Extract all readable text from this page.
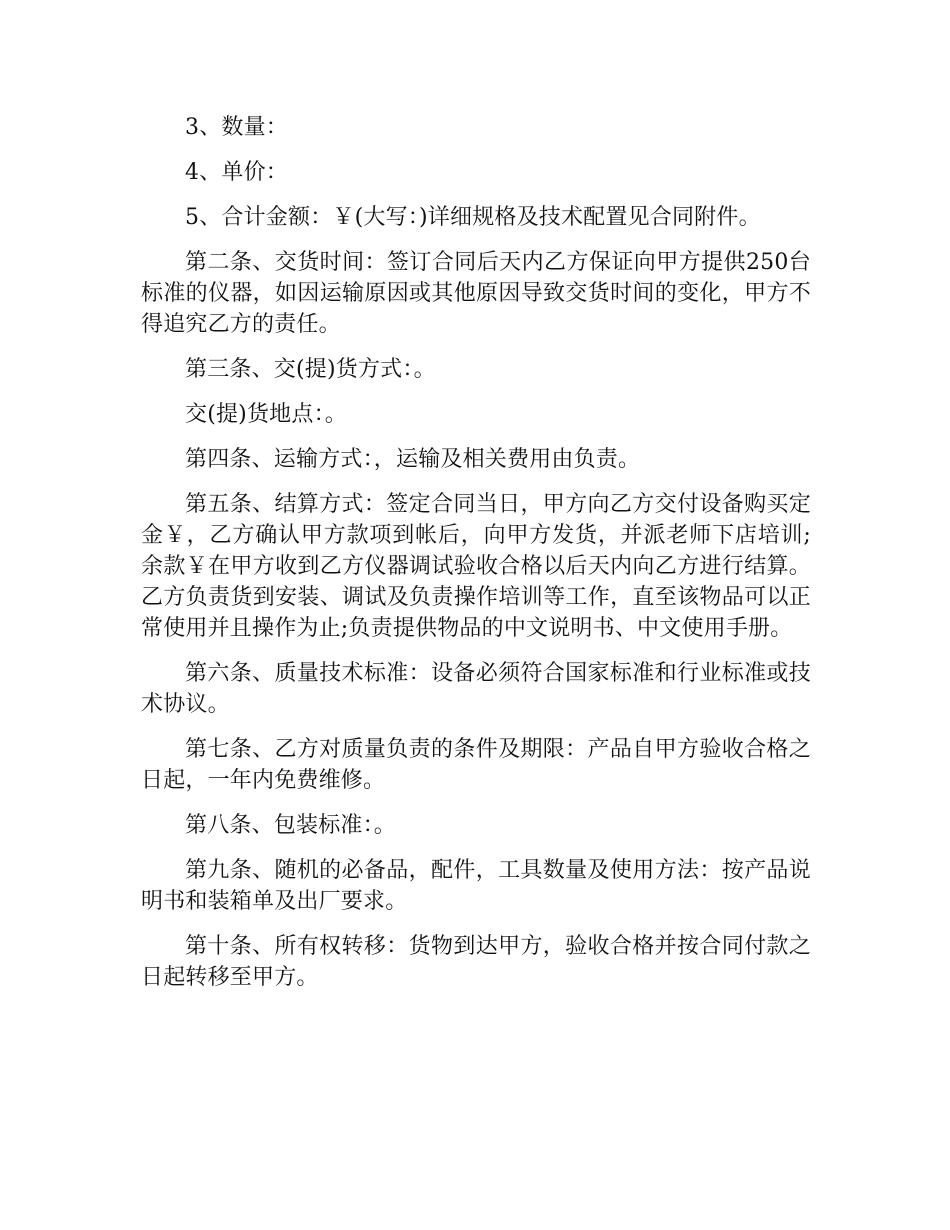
3、数量：

4、单价：

5、合计金额：￥(大写：)详细规格及技术配置见合同附件。

第二条、交货时间：签订合同后天内乙方保证向甲方提供250台标准的仪器，如因运输原因或其他原因导致交货时间的变化，甲方不得追究乙方的责任。

第三条、交(提)货方式：。

交(提)货地点：。

第四条、运输方式：，运输及相关费用由负责。

第五条、结算方式：签定合同当日，甲方向乙方交付设备购买定金￥，乙方确认甲方款项到帐后，向甲方发货，并派老师下店培训;余款￥在甲方收到乙方仪器调试验收合格以后天内向乙方进行结算。乙方负责货到安装、调试及负责操作培训等工作，直至该物品可以正常使用并且操作为止;负责提供物品的中文说明书、中文使用手册。

第六条、质量技术标准：设备必须符合国家标准和行业标准或技术协议。

第七条、乙方对质量负责的条件及期限：产品自甲方验收合格之日起，一年内免费维修。

第八条、包装标准：。

第九条、随机的必备品，配件，工具数量及使用方法：按产品说明书和装箱单及出厂要求。

第十条、所有权转移：货物到达甲方，验收合格并按合同付款之日起转移至甲方。
